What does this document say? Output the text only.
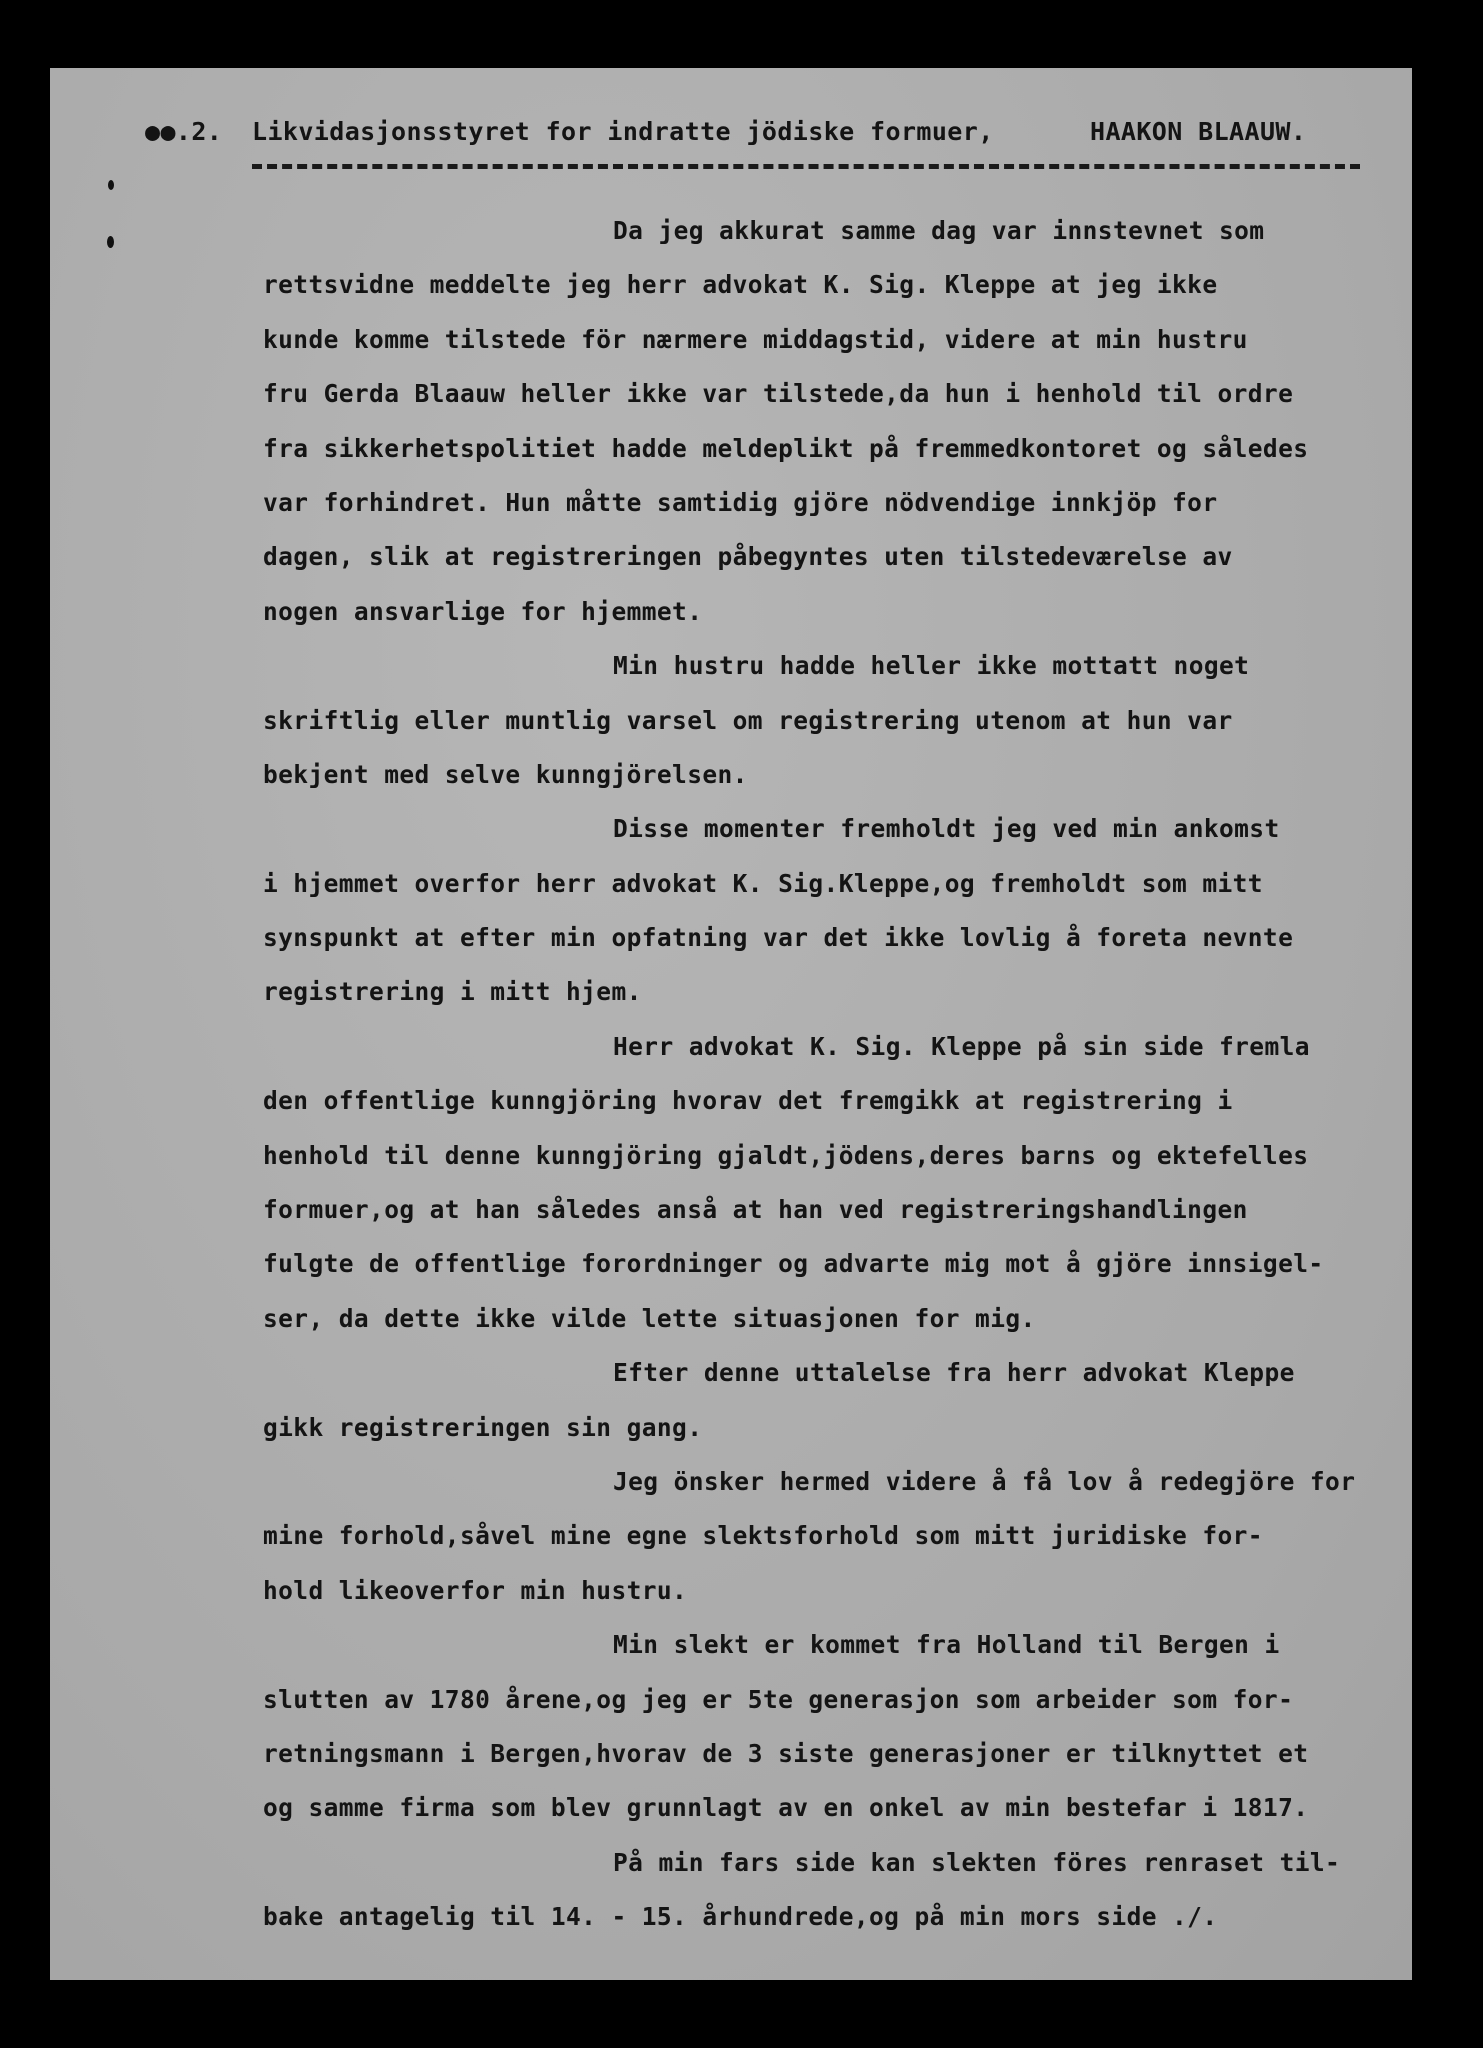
●●.2. Likvidasjonsstyret for indratte jödiske formuer,	HAAKON BLAAUW.
Da jeg akkurat samme dag var innstevnet som
rettsvidne meddelte jeg herr advokat K. Sig. Kleppe at jeg ikke
kunde komme tilstede för nærmere middagstid, videre at min hustru
fru Gerda Blaauw heller ikke var tilstede,da hun i henhold til ordre
fra sikkerhetspolitiet hadde meldeplikt på fremmedkontoret og således
var forhindret. Hun måtte samtidig gjöre nödvendige innkjöp for
dagen, slik at registreringen påbegyntes uten tilstedeværelse av
nogen ansvarlige for hjemmet.
Min hustru hadde heller ikke mottatt noget
skriftlig eller muntlig varsel om registrering utenom at hun var
bekjent med selve kunngjörelsen.
Disse momenter fremholdt jeg ved min ankomst
i hjemmet overfor herr advokat K. Sig.Kleppe,og fremholdt som mitt
synspunkt at efter min opfatning var det ikke lovlig å foreta nevnte
registrering i mitt hjem.
Herr advokat K. Sig. Kleppe på sin side fremla
den offentlige kunngjöring hvorav det fremgikk at registrering i
henhold til denne kunngjöring gjaldt,jödens,deres barns og ektefelles
formuer,og at han således anså at han ved registreringshandlingen
fulgte de offentlige forordninger og advarte mig mot å gjöre innsigel-
ser, da dette ikke vilde lette situasjonen for mig.
Efter denne uttalelse fra herr advokat Kleppe
gikk registreringen sin gang.
Jeg önsker hermed videre å få lov å redegjöre for
mine forhold,såvel mine egne slektsforhold som mitt juridiske for-
hold likeoverfor min hustru.
Min slekt er kommet fra Holland til Bergen i
slutten av 1780 årene,og jeg er 5te generasjon som arbeider som for-
retningsmann i Bergen,hvorav de 3 siste generasjoner er tilknyttet et
og samme firma som blev grunnlagt av en onkel av min bestefar i 1817.
På min fars side kan slekten föres renraset til-
bake antagelig til 14. - 15. århundrede,og på min mors side ./.
